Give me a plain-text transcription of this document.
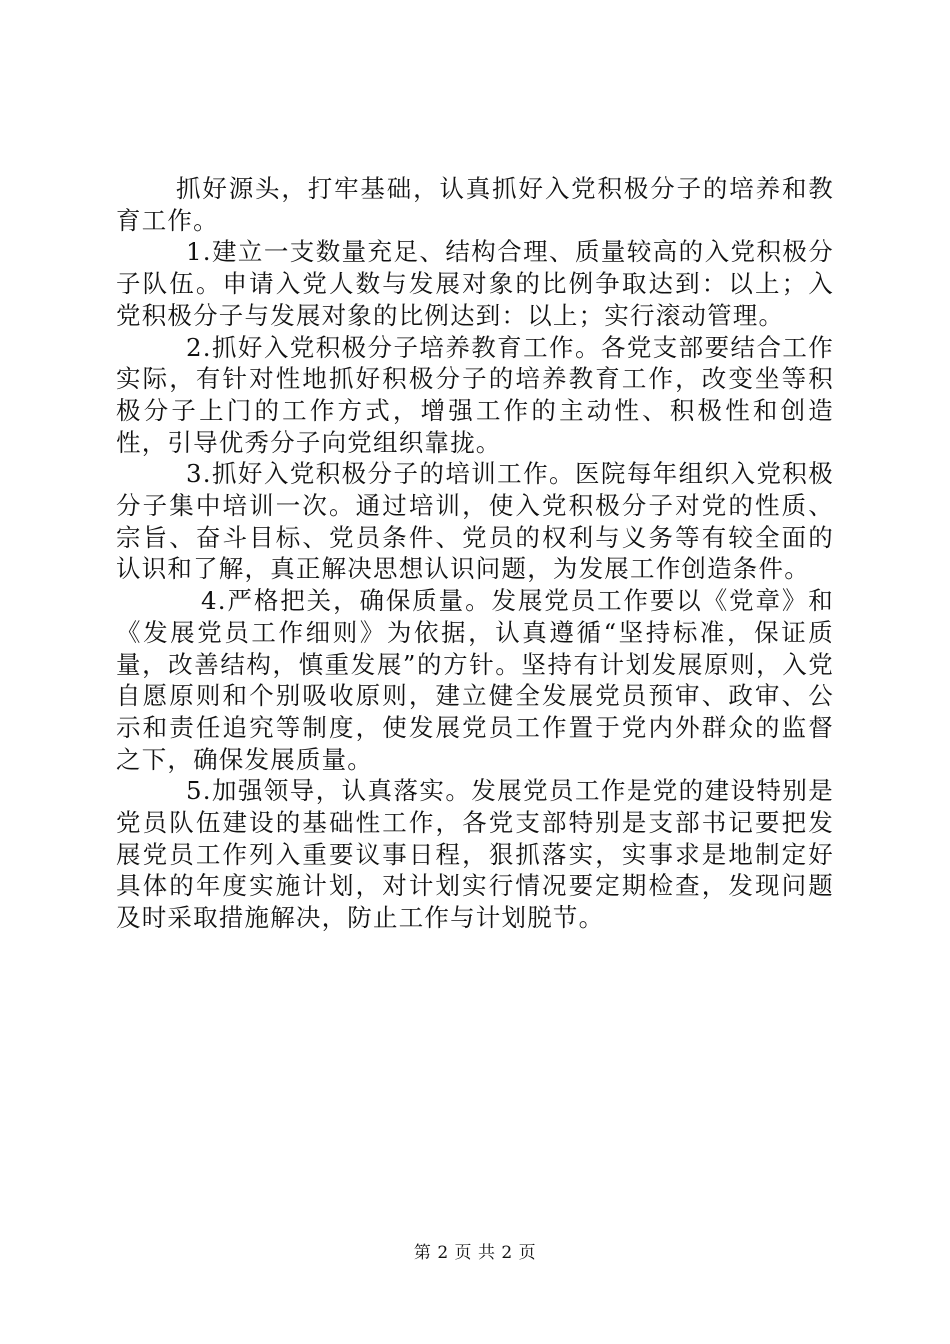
抓好源头，打牢基础，认真抓好入党积极分子的培养和教育工作。

1.建立一支数量充足、结构合理、质量较高的入党积极分子队伍。申请入党人数与发展对象的比例争取达到：以上；入党积极分子与发展对象的比例达到：以上；实行滚动管理。

2.抓好入党积极分子培养教育工作。各党支部要结合工作实际，有针对性地抓好积极分子的培养教育工作，改变坐等积极分子上门的工作方式，增强工作的主动性、积极性和创造性，引导优秀分子向党组织靠拢。

3.抓好入党积极分子的培训工作。医院每年组织入党积极分子集中培训一次。通过培训，使入党积极分子对党的性质、宗旨、奋斗目标、党员条件、党员的权利与义务等有较全面的认识和了解，真正解决思想认识问题，为发展工作创造条件。

4.严格把关，确保质量。发展党员工作要以《党章》和《发展党员工作细则》为依据，认真遵循“坚持标准，保证质量，改善结构，慎重发展”的方针。坚持有计划发展原则，入党自愿原则和个别吸收原则，建立健全发展党员预审、政审、公示和责任追究等制度，使发展党员工作置于党内外群众的监督之下，确保发展质量。

5.加强领导，认真落实。发展党员工作是党的建设特别是党员队伍建设的基础性工作，各党支部特别是支部书记要把发展党员工作列入重要议事日程，狠抓落实，实事求是地制定好具体的年度实施计划，对计划实行情况要定期检查，发现问题及时采取措施解决，防止工作与计划脱节。

第 2 页 共 2 页
